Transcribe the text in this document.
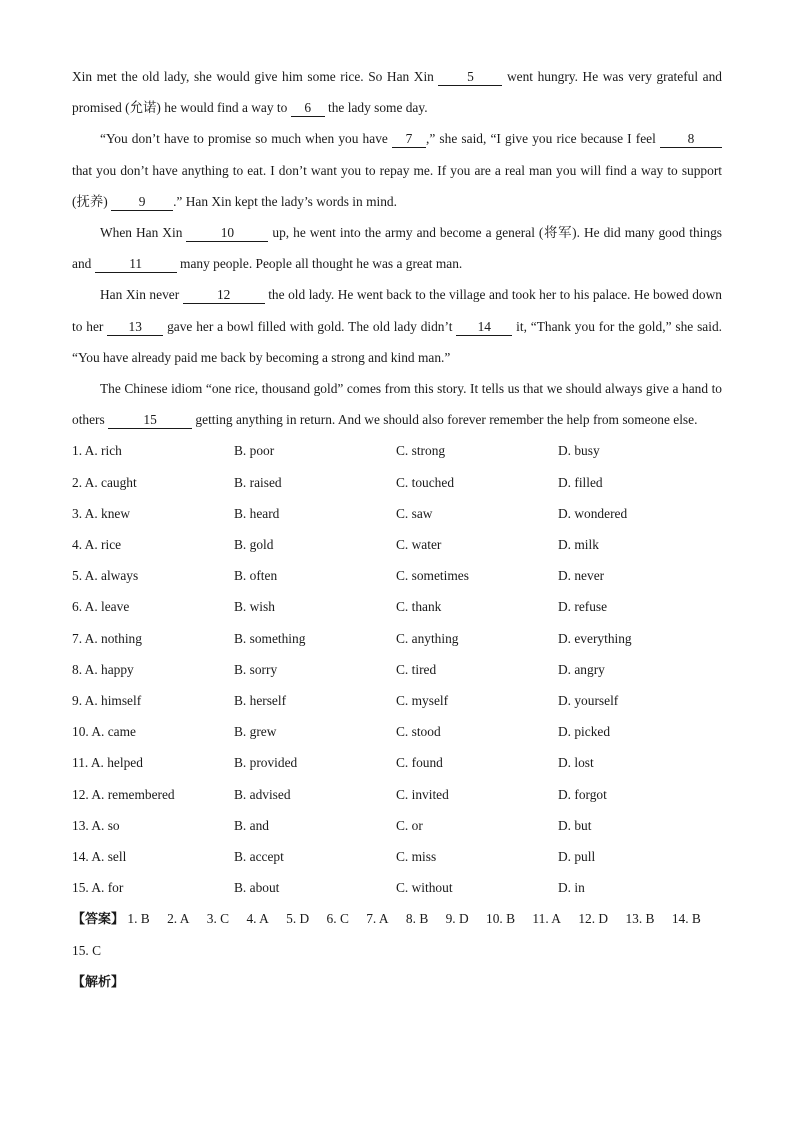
Xin met the old lady, she would give him some rice. So Han Xin 5 went hungry. He was very grateful and promised (允诺) he would find a way to 6 the lady some day.

“You don’t have to promise so much when you have 7 ,” she said, “I give you rice because I feel 8 that you don’t have anything to eat. I don’t want you to repay me. If you are a real man you will find a way to support (抚养) 9 .” Han Xin kept the lady’s words in mind.

When Han Xin	10	up, he went into the army and become a general (将军). He did many good things and	11	many people. People all thought he was a great man.

Han Xin never	12	the old lady. He went back to the village and took her to his palace. He bowed down to her 13 gave her a bowl filled with gold. The old lady didn’t 14 it, “Thank you for the gold,” she said. “You have already paid me back by becoming a strong and kind man.”

The Chinese idiom “one rice, thousand gold” comes from this story. It tells us that we should always give a hand to others	15	getting anything in return. And we should also forever remember the help from someone else.

1. A. rich	B. poor	C. strong	D. busy
2. A. caught	B. raised	C. touched	D. filled
3. A. knew	B. heard	C. saw	D. wondered
4. A. rice	B. gold	C. water	D. milk
5. A. always	B. often	C. sometimes	D. never
6. A. leave	B. wish	C. thank	D. refuse
7. A. nothing	B. something	C. anything	D. everything
8. A. happy	B. sorry	C. tired	D. angry
9. A. himself	B. herself	C. myself	D. yourself
10. A. came	B. grew	C. stood	D. picked
11. A. helped	B. provided	C. found	D. lost
12. A. remembered	B. advised	C. invited	D. forgot
13. A. so	B. and	C. or	D. but
14. A. sell	B. accept	C. miss	D. pull
15. A. for	B. about	C. without	D. in
【答案】 1. B 2. A 3. C 4. A 5. D 6. C 7. A 8. B 9. D 10. B 11. A 12. D 13. B 14. B 15. C
【解析】
